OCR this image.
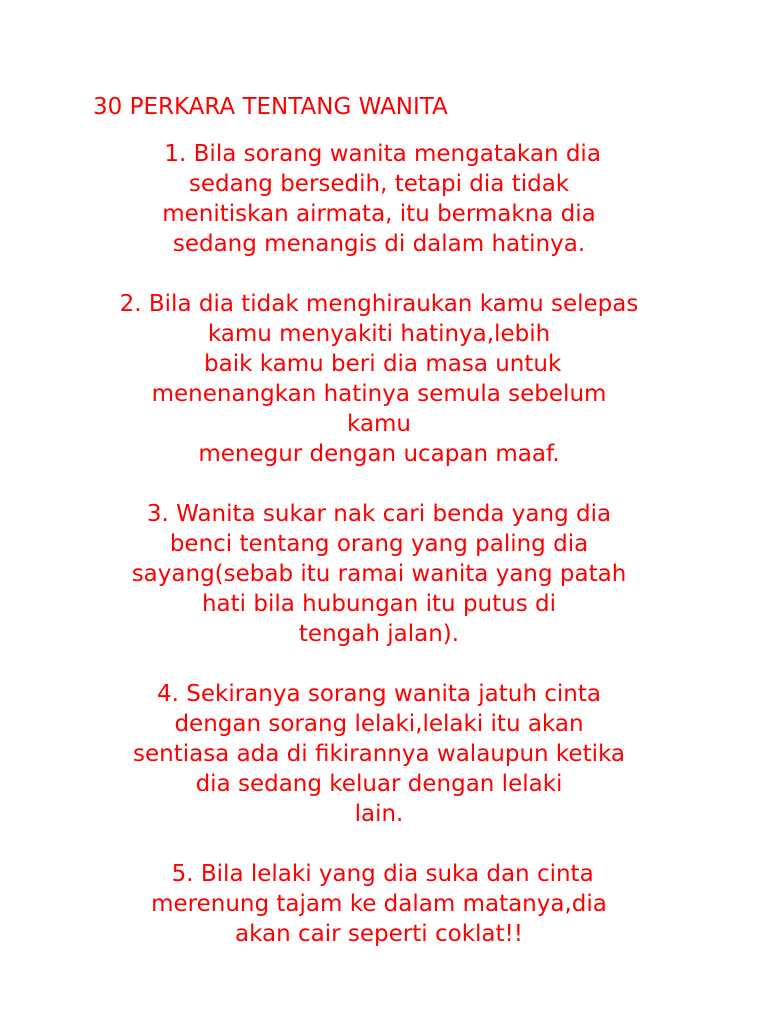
30 PERKARA TENTANG WANITA
1. Bila sorang wanita mengatakan dia
sedang bersedih, tetapi dia tidak
menitiskan airmata, itu bermakna dia
sedang menangis di dalam hatinya.
2. Bila dia tidak menghiraukan kamu selepas
kamu menyakiti hatinya,lebih
baik kamu beri dia masa untuk
menenangkan hatinya semula sebelum
kamu
menegur dengan ucapan maaf.
3. Wanita sukar nak cari benda yang dia
benci tentang orang yang paling dia
sayang(sebab itu ramai wanita yang patah
hati bila hubungan itu putus di
tengah jalan).
4. Sekiranya sorang wanita jatuh cinta
dengan sorang lelaki,lelaki itu akan
sentiasa ada di fikirannya walaupun ketika
dia sedang keluar dengan lelaki
lain.
5. Bila lelaki yang dia suka dan cinta
merenung tajam ke dalam matanya,dia
akan cair seperti coklat!!
